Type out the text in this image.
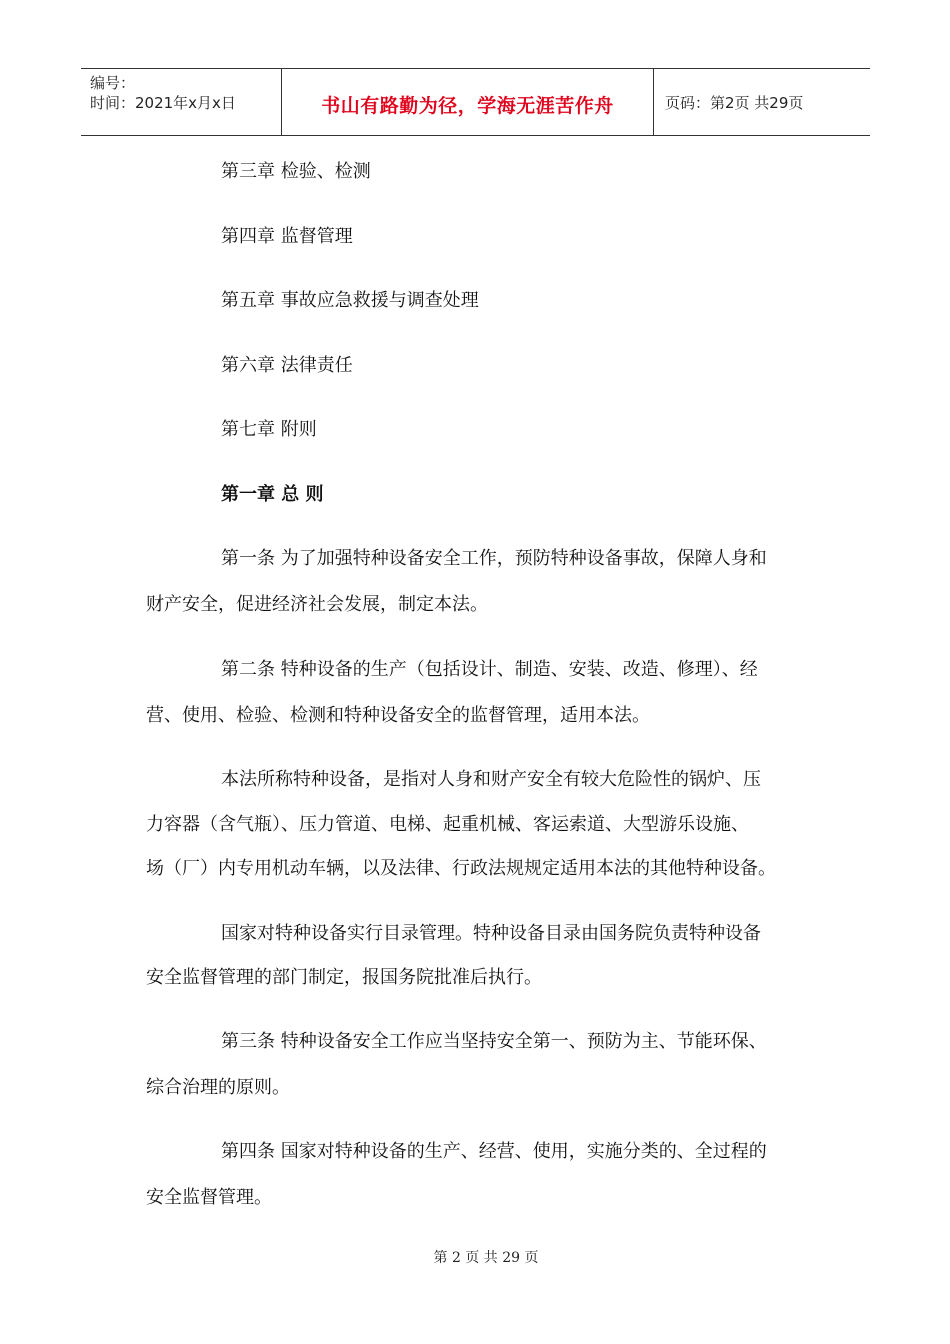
编号：
时间：2021年x月x日	书山有路勤为径，学海无涯苦作舟	页码：第2页 共29页
第三章 检验、检测
第四章 监督管理
第五章 事故应急救援与调查处理
第六章 法律责任
第七章 附则
第一章 总 则
第一条 为了加强特种设备安全工作，预防特种设备事故，保障人身和
财产安全，促进经济社会发展，制定本法。
第二条 特种设备的生产（包括设计、制造、安装、改造、修理）、经
营、使用、检验、检测和特种设备安全的监督管理，适用本法。
本法所称特种设备，是指对人身和财产安全有较大危险性的锅炉、压
力容器（含气瓶）、压力管道、电梯、起重机械、客运索道、大型游乐设施、
场（厂）内专用机动车辆，以及法律、行政法规规定适用本法的其他特种设备。
国家对特种设备实行目录管理。特种设备目录由国务院负责特种设备
安全监督管理的部门制定，报国务院批准后执行。
第三条 特种设备安全工作应当坚持安全第一、预防为主、节能环保、
综合治理的原则。
第四条 国家对特种设备的生产、经营、使用，实施分类的、全过程的
安全监督管理。
第 2 页 共 29 页
